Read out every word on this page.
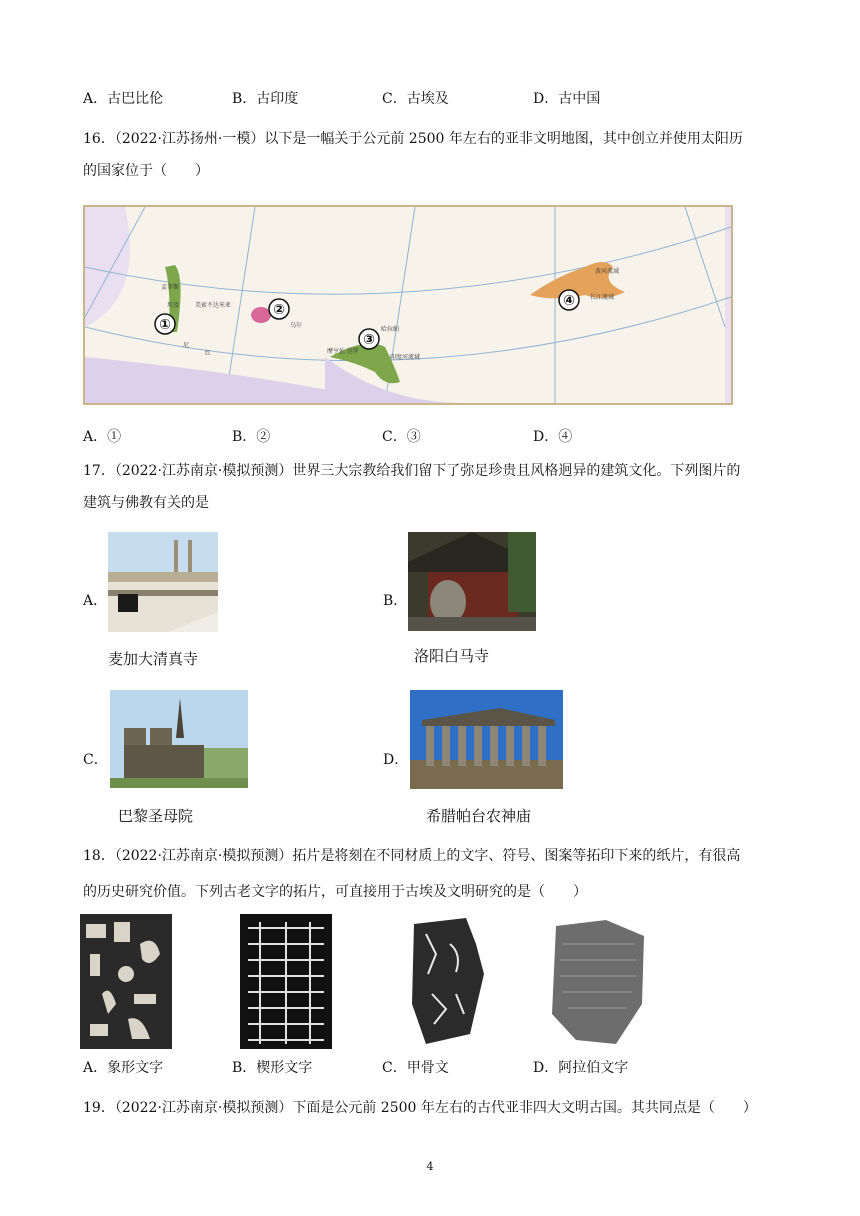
A．古巴比伦	B．古印度	C．古埃及	D．古中国
16．（2022·江苏扬州·一模）以下是一幅关于公元前 2500 年左右的亚非文明地图，其中创立并使用太阳历
的国家位于（　　）
①
②
③
④
孟菲斯
埃及	美索不达米亚
乌尔
哈拉帕
摩亨佐·达罗
印度河流域
黄河流域
长江流域
尼
红
A．①	B．②	C．③	D．④
17．（2022·江苏南京·模拟预测）世界三大宗教给我们留下了弥足珍贵且风格迥异的建筑文化。下列图片的
建筑与佛教有关的是
A．
麦加大清真寺
B．
洛阳白马寺
C．
巴黎圣母院
D．
希腊帕台农神庙
18．（2022·江苏南京·模拟预测）拓片是将刻在不同材质上的文字、符号、图案等拓印下来的纸片，有很高
的历史研究价值。下列古老文字的拓片，可直接用于古埃及文明研究的是（　　）
A．象形文字	B．楔形文字	C．甲骨文	D．阿拉伯文字
19．（2022·江苏南京·模拟预测）下面是公元前 2500 年左右的古代亚非四大文明古国。其共同点是（　　）
4
